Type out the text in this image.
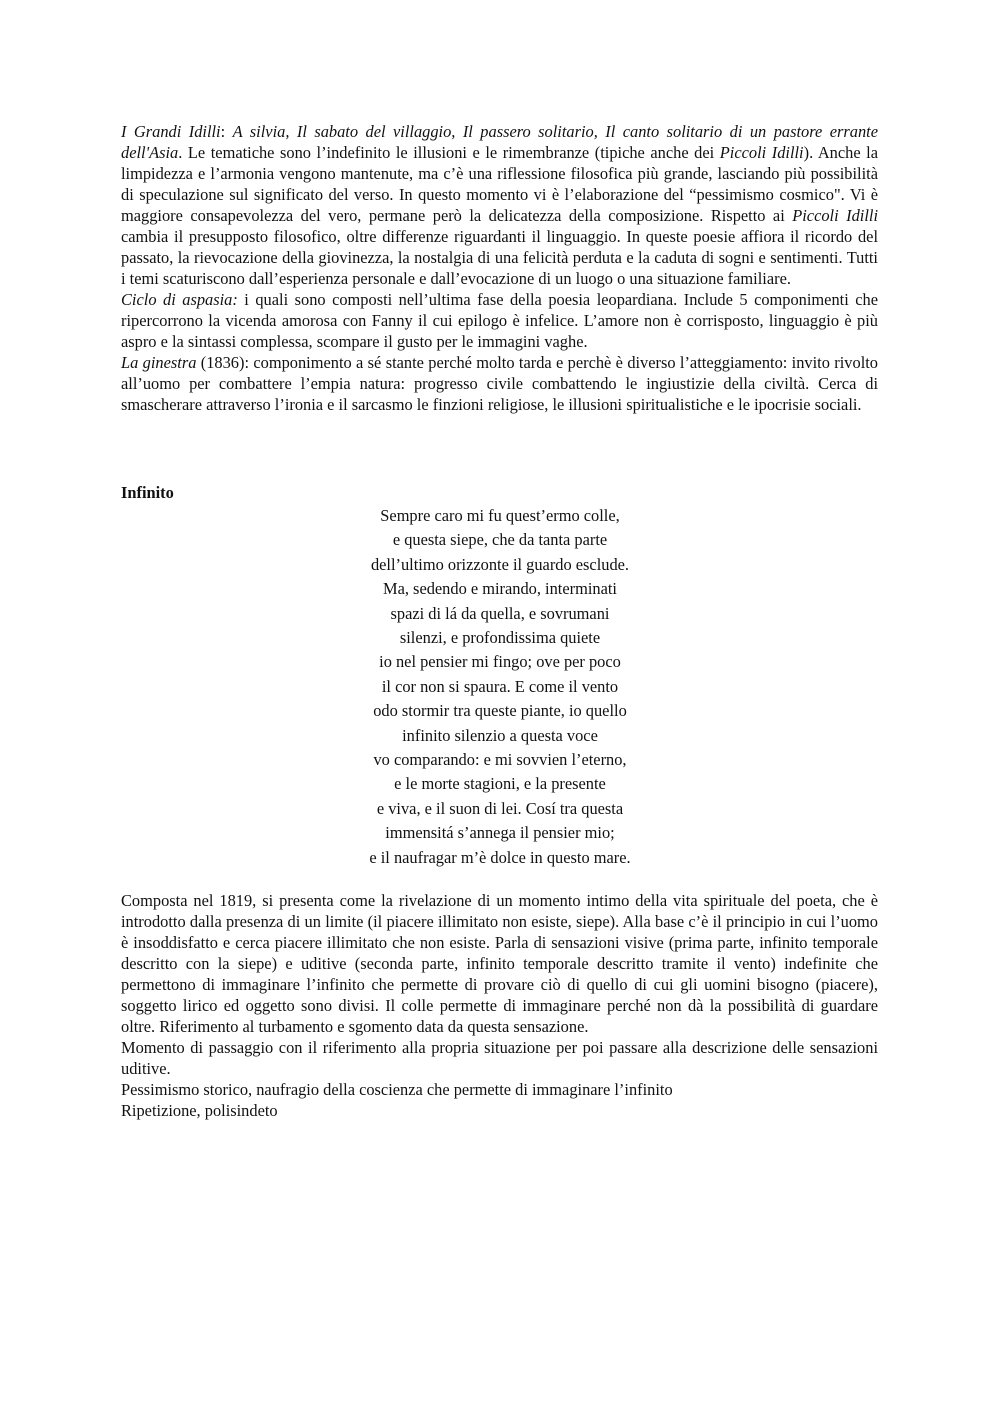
I Grandi Idilli: A silvia, Il sabato del villaggio, Il passero solitario, Il canto solitario di un pastore errante dell'Asia. Le tematiche sono l’indefinito le illusioni e le rimembranze (tipiche anche dei Piccoli Idilli). Anche la limpidezza e l’armonia vengono mantenute, ma c’è una riflessione filosofica più grande, lasciando più possibilità di speculazione sul significato del verso. In questo momento vi è l’elaborazione del “pessimismo cosmico". Vi è maggiore consapevolezza del vero, permane però la delicatezza della composizione. Rispetto ai Piccoli Idilli cambia il presupposto filosofico, oltre differenze riguardanti il linguaggio. In queste poesie affiora il ricordo del passato, la rievocazione della giovinezza, la nostalgia di una felicità perduta e la caduta di sogni e sentimenti. Tutti i temi scaturiscono dall’esperienza personale e dall’evocazione di un luogo o una situazione familiare.

Ciclo di aspasia: i quali sono composti nell’ultima fase della poesia leopardiana. Include 5 componimenti che ripercorrono la vicenda amorosa con Fanny il cui epilogo è infelice. L’amore non è corrisposto, linguaggio è più aspro e la sintassi complessa, scompare il gusto per le immagini vaghe.

La ginestra (1836): componimento a sé stante perché molto tarda e perchè è diverso l’atteggiamento: invito rivolto all’uomo per combattere l’empia natura: progresso civile combattendo le ingiustizie della civiltà. Cerca di smascherare attraverso l’ironia e il sarcasmo le finzioni religiose, le illusioni spiritualistiche e le ipocrisie sociali.

Infinito
Sempre caro mi fu quest’ermo colle,
e questa siepe, che da tanta parte
dell’ultimo orizzonte il guardo esclude.
Ma, sedendo e mirando, interminati
spazi di lá da quella, e sovrumani
silenzi, e profondissima quiete
io nel pensier mi fingo; ove per poco
il cor non si spaura. E come il vento
odo stormir tra queste piante, io quello
infinito silenzio a questa voce
vo comparando: e mi sovvien l’eterno,
e le morte stagioni, e la presente
e viva, e il suon di lei. Cosí tra questa
immensitá s’annega il pensier mio;
e il naufragar m’è dolce in questo mare.

Composta nel 1819, si presenta come la rivelazione di un momento intimo della vita spirituale del poeta, che è introdotto dalla presenza di un limite (il piacere illimitato non esiste, siepe). Alla base c’è il principio in cui l’uomo è insoddisfatto e cerca piacere illimitato che non esiste. Parla di sensazioni visive (prima parte, infinito temporale descritto con la siepe) e uditive (seconda parte, infinito temporale descritto tramite il vento) indefinite che permettono di immaginare l’infinito che permette di provare ciò di quello di cui gli uomini bisogno (piacere), soggetto lirico ed oggetto sono divisi. Il colle permette di immaginare perché non dà la possibilità di guardare oltre. Riferimento al turbamento e sgomento data da questa sensazione.

Momento di passaggio con il riferimento alla propria situazione per poi passare alla descrizione delle sensazioni uditive.

Pessimismo storico, naufragio della coscienza che permette di immaginare l’infinito

Ripetizione, polisindeto
